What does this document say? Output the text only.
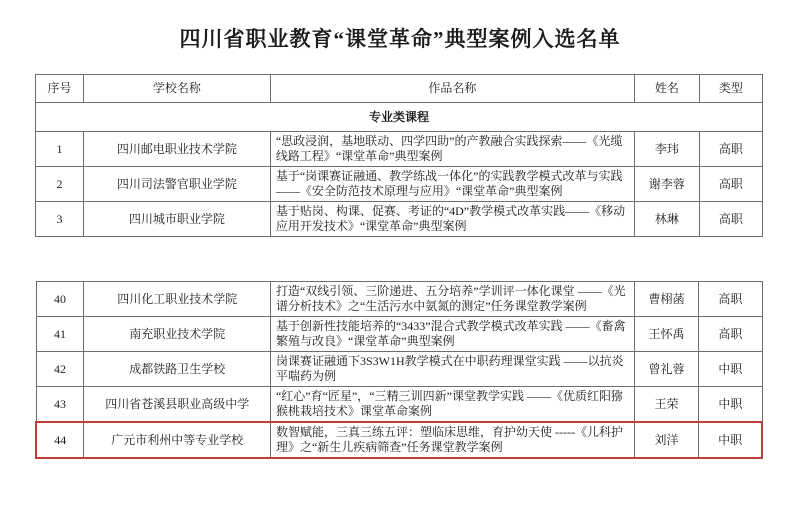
四川省职业教育“课堂革命”典型案例入选名单
序号	学校名称	作品名称	姓名	类型
专业类课程				
1	四川邮电职业技术学院	“思政浸润，基地联动、四学四助”的产教融合实践探索——《光缆线路工程》“课堂革命”典型案例	李玮	高职
2	四川司法警官职业学院	基于“岗课赛证融通、教学练战一体化”的实践教学模式改革与实践——《安全防范技术原理与应用》“课堂革命”典型案例	谢李蓉	高职
3	四川城市职业学院	基于贴岗、构课、促赛、考证的“4D”教学模式改革实践——《移动应用开发技术》“课堂革命”典型案例	林琳	高职
40	四川化工职业技术学院	打造“双线引领、三阶递进、五分培养”学训评一体化课堂 ——《光谱分析技术》之“生活污水中氨氮的测定”任务课堂教学案例	曹栩菡	高职
41	南充职业技术学院	基于创新性技能培养的“3433”混合式教学模式改革实践 ——《畜禽繁殖与改良》“课堂革命”典型案例	王怀禹	高职
42	成都铁路卫生学校	岗课赛证融通下3S3W1H教学模式在中职药理课堂实践 ——以抗炎平喘药为例	曾礼蓉	中职
43	四川省苍溪县职业高级中学	“红心”育“匠星”，“三精三训四新”课堂教学实践 ——《优质红阳猕猴桃栽培技术》课堂革命案例	王荣	中职
44	广元市利州中等专业学校	数智赋能，三真三练五评：塑临床思维，育护幼天使 -----《儿科护理》之“新生儿疾病筛查”任务课堂教学案例	刘洋	中职
